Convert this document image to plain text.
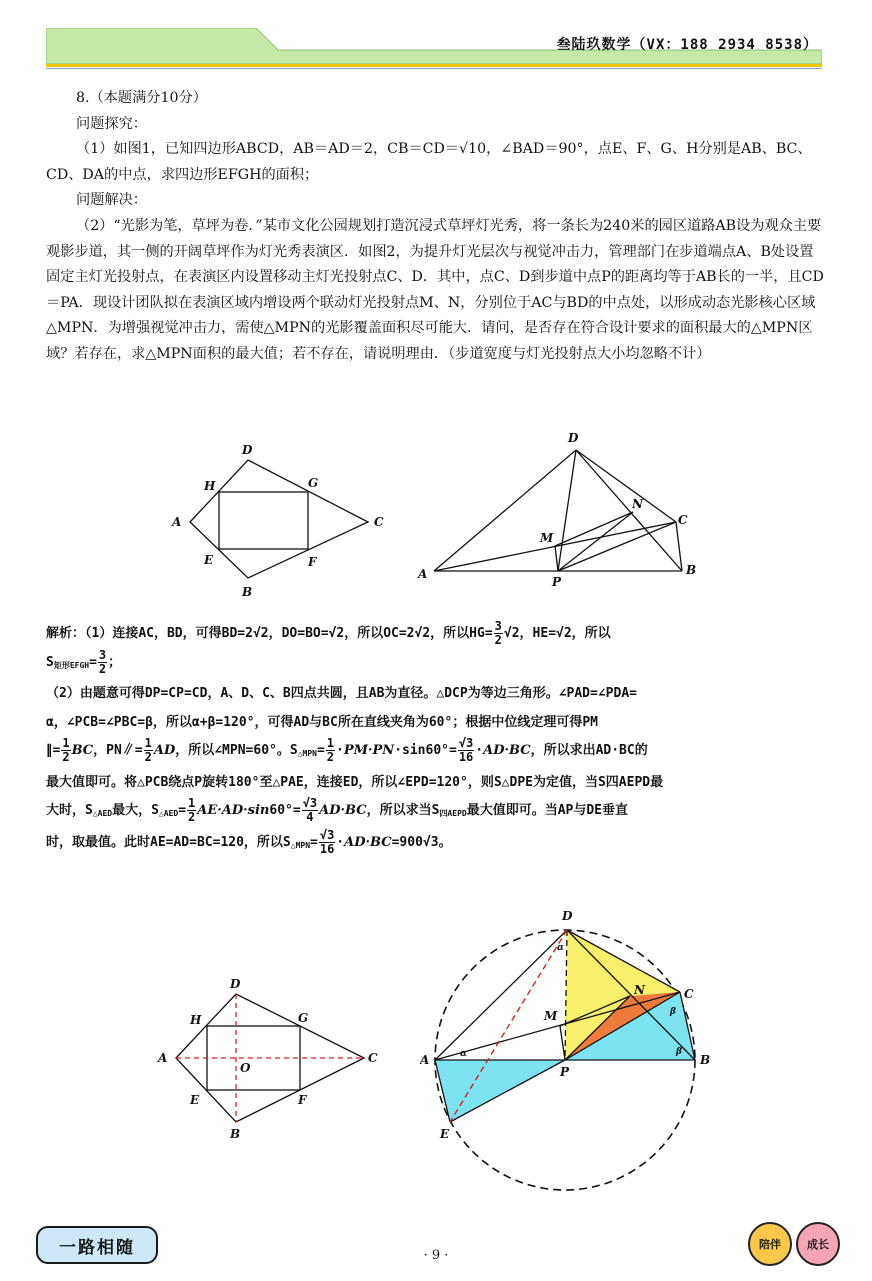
叁陆玖数学（VX：188 2934 8538）

8.（本题满分10分）

问题探究：

（1）如图1，已知四边形ABCD，AB＝AD＝2，CB＝CD＝√10，∠BAD＝90°，点E、F、G、H分别是AB、BC、CD、DA的中点，求四边形EFGH的面积；

问题解决：

（2）“光影为笔，草坪为卷．”某市文化公园规划打造沉浸式草坪灯光秀，将一条长为240米的园区道路AB设为观众主要观影步道，其一侧的开阔草坪作为灯光秀表演区．如图2，为提升灯光层次与视觉冲击力，管理部门在步道端点A、B处设置固定主灯光投射点，在表演区内设置移动主灯光投射点C、D．其中，点C、D到步道中点P的距离均等于AB长的一半，且CD＝PA．现设计团队拟在表演区域内增设两个联动灯光投射点M、N，分别位于AC与BD的中点处，以形成动态光影核心区域△MPN．为增强视觉冲击力，需使△MPN的光影覆盖面积尽可能大．请问，是否存在符合设计要求的面积最大的△MPN区域？若存在，求△MPN面积的最大值；若不存在，请说明理由．（步道宽度与灯光投射点大小均忽略不计）

D
H	G
A	C
E	F
B
D
N
C
M
A
P
B

解析：（1）连接AC，BD，可得BD=2√2，DO=BO=√2，所以OC=2√2，所以$HG= \frac{3}{2} √2$，HE=√2，所以

$S_{矩形EFGH}= \frac{3}{2}$ ；

（2）由题意可得DP=CP=CD，A、D、C、B四点共圆，且AB为直径。△DCP为等边三角形。∠PAD=∠PDA=

α，∠PCB=∠PBC=β，所以α+β=120°，可得AD与BC所在直线夹角为60°；根据中位线定理可得PM

∥= $\frac{1}{2}$ BC，PN∥= $\frac{1}{2}$ AD，所以∠MPN=60°。$S_{\triangle MPN}= \frac{1}{2} \cdot PM\cdot PN\cdot\sin 60^\circ= \frac{√3}{16} \cdot AD\cdot BC$，所以求出AD·BC的

最大值即可。将△PCB绕点P旋转180°至△PAE，连接ED，所以∠EPD=120°，则S△DPE为定值，当S四AEPD最

大时，$S_{\triangle AED}$最大，$S_{\triangle AED}= \frac{1}{2} AE\cdot AD\cdot\sin 60^\circ= \frac{√3}{4} AD\cdot BC$，所以求当$S_{四AEPD}$最大值即可。当AP与DE垂直

时，取最值。此时AE=AD=BC=120，所以$S_{\triangle MPN}= \frac{√3}{16} \cdot AD\cdot BC=900√3$。

D
H	G
A	C
O
E	F
B
D
α
N	C
β
M
A	α
P
β
B
E
一路相随	· 9 ·
陪伴	成长
